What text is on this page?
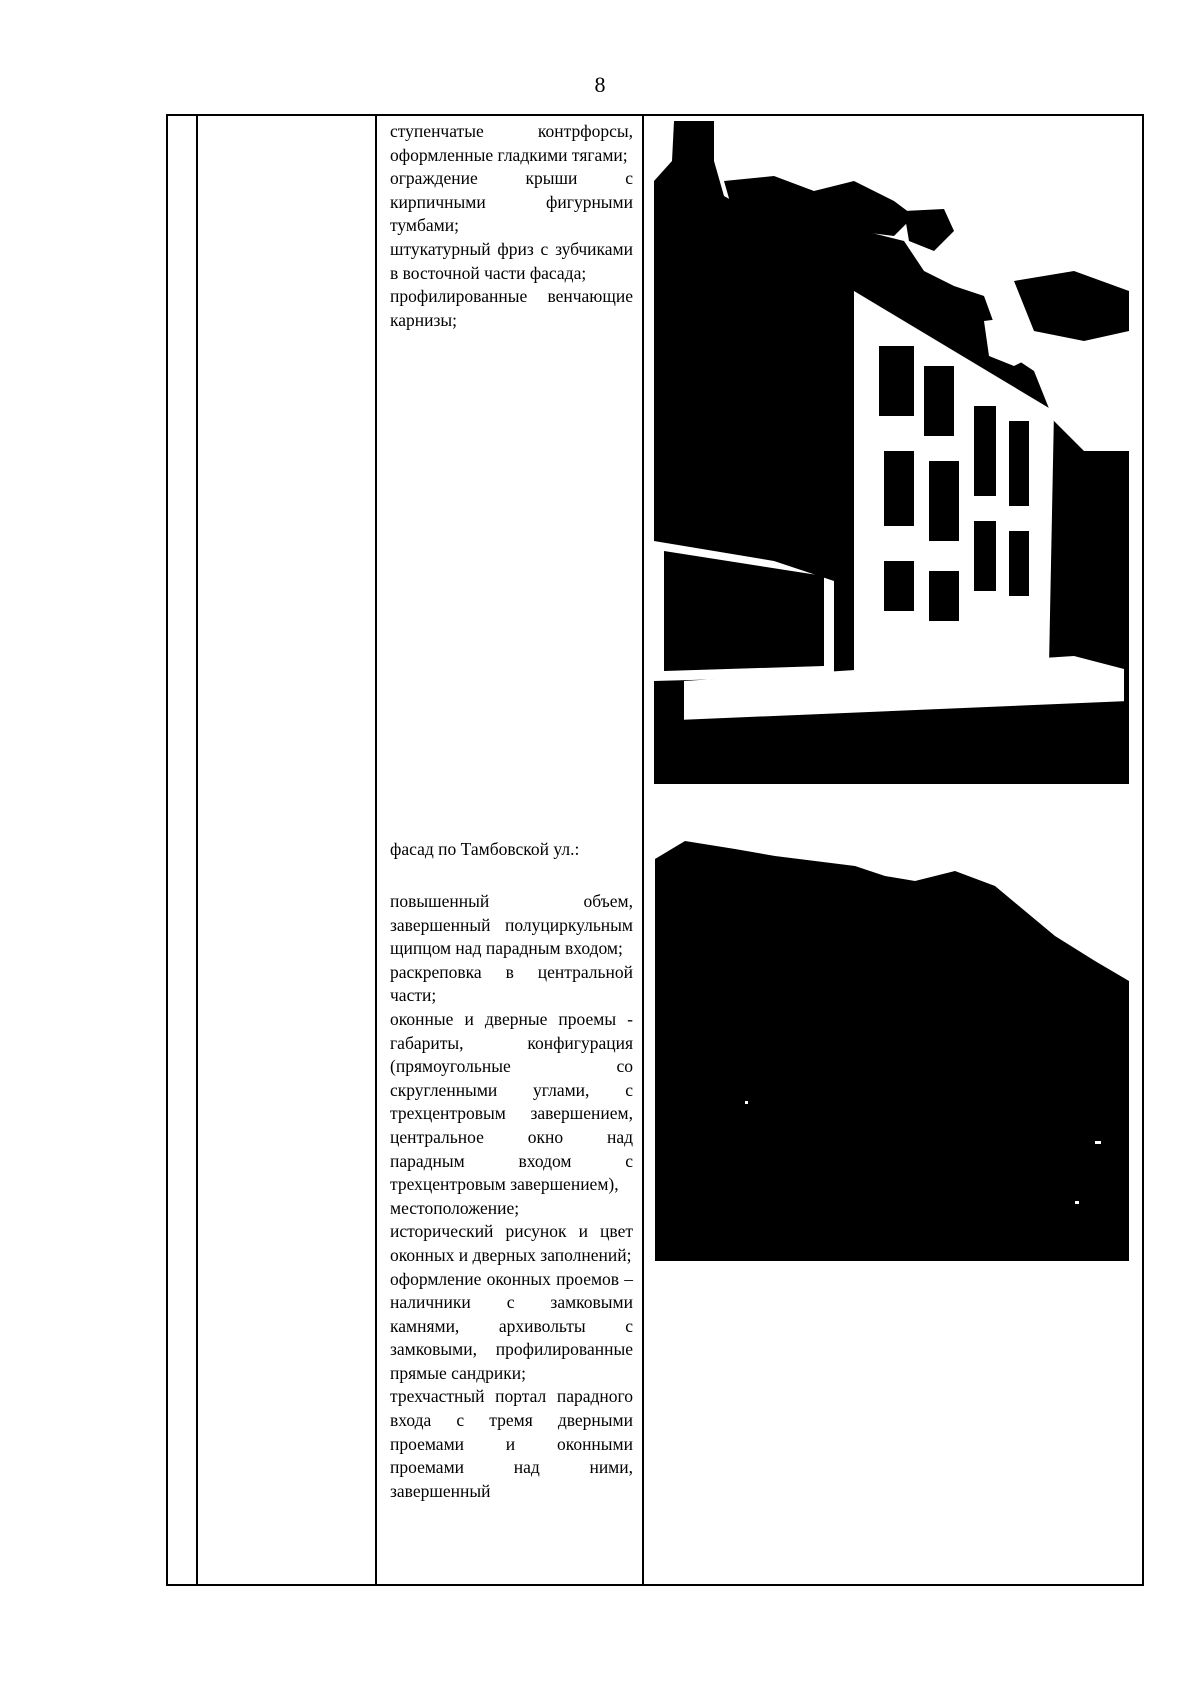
8

ступенчатые контрфорсы, оформленные гладкими тягами;

ограждение крыши с кирпичными фигурными тумбами;

штукатурный фриз с зубчиками в восточной части фасада;

профилированные венчающие карнизы;

фасад по Тамбовской ул.:

повышенный объем, завершенный полуциркульным щипцом над парадным входом;

раскреповка в центральной части;

оконные и дверные проемы - габариты, конфигурация (прямоугольные со скругленными углами, с трехцентровым завершением, центральное окно над парадным входом с трехцентровым завершением),

местоположение;

исторический рисунок и цвет оконных и дверных заполнений;

оформление оконных проемов – наличники с замковыми камнями, архивольты с замковыми, профилированные прямые сандрики;

трехчастный портал парадного входа с тремя дверными проемами и оконными проемами над ними, завершенный
